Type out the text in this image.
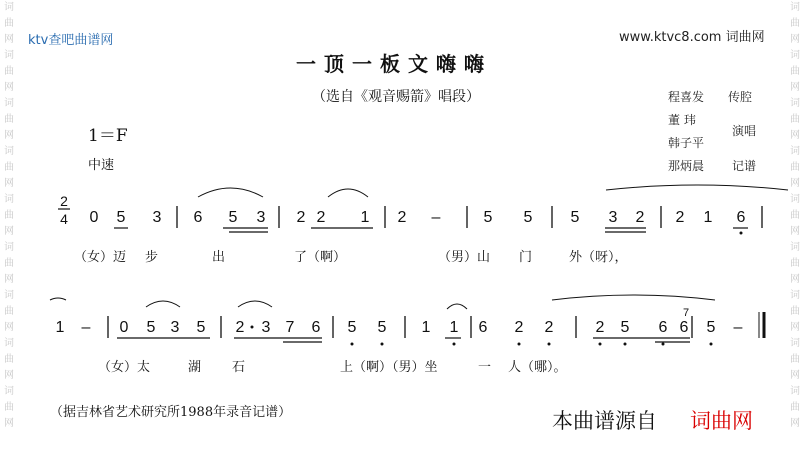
词
曲
网
词
曲
网
词
曲
网
词
曲
网
词
曲
网
词
曲
网
词
曲
网
词
曲
网
词
曲
网
词
曲
网
词
曲
网
词
曲
网
词
曲
网
词
曲
网
词
曲
网
词
曲
网
词
曲
网
词
曲
网
ktv查吧曲谱网	www.ktvc8.com 词曲网
一顶一板文嗨嗨
（选自《观音赐箭》唱段）	程喜发 传腔
董 玮
韩子平
演唱
那炳晨 记谱
1＝F
中速
2
4 0 5 3 6 5 3 2 2 1 2 –	5 5 5 3 2 2 1 6
1 – 0 5 3 5 2 3 7 6 5 5 1 1 6 2 2	2 5 6
7
6 5 –
（女）迈 步	出	了（啊）	（男）山 门	外（呀），
（女）太	湖 石	上（啊）（男）坐	一 人（哪）。
（据吉林省艺术研究所1988年录音记谱）	本曲谱源自 词曲网
